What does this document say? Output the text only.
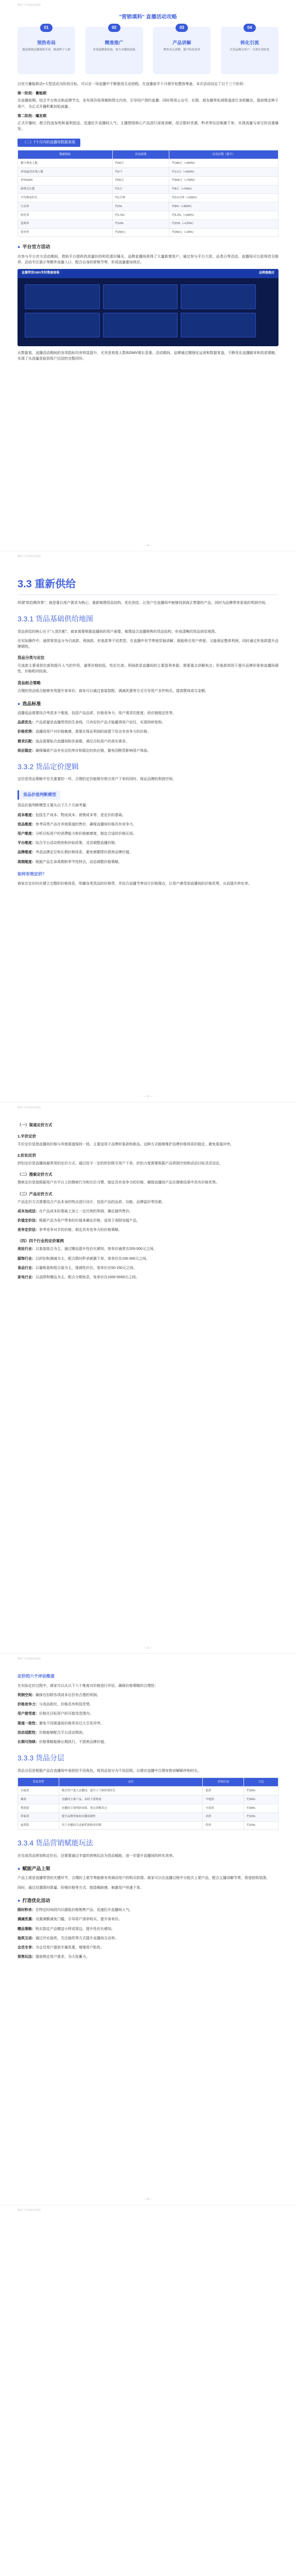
腾讯广告电商运营指南
"营销填料" 直播活动攻略
01
预热布局
提前规划直播预热节奏，储备种子人群
02
精准推广
多渠道精准投放，放大直播间流量
03
产品讲解
聚焦卖点讲解，提升转化效率
04
转化引流
以货品吸引用户，实现长效转化

以官方蓄能联动+大型活动为阶段目标，可以在一场直播中不断推进互动进程。在直播前半个月便开始整体筹备，本次活动设定了以下三个阶段：

第一阶段：蓄能期

在直播前期，结合平台热点和品牌节点，发布预告短视频和图文内容，引导用户预约直播；同时利用公众号、社群、朋友圈等私域渠道进行多轮触达，提前锁定种子用户，为正式开播积累初始流量。

第二阶段：爆发期

正式开播时，配合投流加热和福利放送，迅速拉升直播间人气；主播围绕核心产品进行深度讲解，结合限时优惠、秒杀等玩法刺激下单，实现流量与成交的双重爆发。

（二）7个月内的直播间数据表现
数据指标	活动前期	活动后期（提升）
累计观看人数	约30万	约180万（+500%）
单场最高在线人数	约2千	约1.5万（+650%）
单场GMV	约50万	约400万（+700%）
新增关注数	约1万	约8万（+700%）
平均观看时长	约1分钟	约3.5分钟（+250%）
互动率	约2%	约8%（+300%）
转化率	约1.5%	约4.2%（+180%）
复购率	约10%	约22%（+120%）
客单价	约200元	约260元（+30%）
● 平台官方活动

在参与平台官方活动期间，借助平台提供的流量扶持和资源位曝光，品牌直播间获得了大量新增用户。通过参与平台大促、品类日等活动，直播间可以获得首页推荐、活动专区展示等额外流量入口，配合自身的营销节奏，形成流量叠加效应。

直播带货GMV实时数据看板	品牌旗舰店

从数据看，直播活动期间的各项指标均有明显提升，尤其是观看人数和GMV增长显著。活动期间，品牌通过精细化运营和数据复盘，不断优化直播脚本和投放策略，实现了从流量获取到用户沉淀的完整闭环。

— 11 —
腾讯广告电商运营指南
3.3 重新供给

所谓"供给侧改革"，就是要以用户需求为核心，重新梳理货品结构，优化供给，让用户在直播间中能够找到真正想要的产品，同时为品牌带来更高的利润空间。

3.3.1 货品基础供给地图

货品供给的核心在于"人货匹配"。商家需要根据直播间的用户画像，梳理适合直播销售的货品结构，形成清晰的货品供给地图。

在实际操作中，通常将货品分为引流款、利润款、形象款等不同类型，在直播中有节奏地穿插讲解，既能吸引用户停留，又能保证整体利润，同时通过形象款提升品牌调性。

货品分类与定位

引流款主要承担拉新和提升人气的作用，通常价格较低、性价比高；利润款是直播间的主要盈利来源，需要重点讲解卖点；形象款则用于提升品牌形象和直播间调性，价格相对较高。

货品组合策略

合理的货品组合能够有效提升客单价。商家可以通过套装搭配、满减优惠等方式引导用户多件购买，提高整体成交金额。

● 选品标准

直播选品需要综合考虑多个维度，包括产品品质、价格竞争力、用户需求匹配度、供应链稳定性等。

品质优先：产品质量是直播带货的生命线，只有好的产品才能赢得用户信任，实现持续复购。

价格优势：直播间用户对价格敏感，需要在保证利润的前提下给出有竞争力的价格。

需求匹配：选品需要贴合直播间粉丝画像，满足目标用户的真实需求。

供应稳定：确保爆款产品有充足的库存和稳定的供应链，避免因断货影响用户体验。

3.3.2 货品定价逻辑

定价是货品策略中至关重要的一环，合理的定价能够在吸引用户下单的同时，保证品牌的利润空间。

货品价值判断模型

货品价值判断模型主要从以下几个方面考量：

成本维度：包括生产成本、物流成本、营销成本等，是定价的基础。

竞品维度：参考同类产品在其他渠道的售价，确保直播间价格具有竞争力。

用户维度：分析目标用户的消费能力和价格敏感度，制定合适的价格区间。

平台维度：结合平台活动规则和补贴政策，灵活调整直播价格。

品牌维度：考虑品牌定位和长期价格体系，避免频繁降价损害品牌价值。

周期维度：根据产品生命周期和季节性特点，动态调整价格策略。

如何有效定价？

商家在定价时应建立完整的价格体系，明确各类货品的价格带，并结合直播节奏设计价格锚点，让用户感受到直播间的价格优势，从而提升转化率。

— 12 —
腾讯广告电商运营指南
（一）渠道定价方式
1.平价定价

平价定价是指直播间价格与其他渠道保持一致，主要适用于品牌形象款和新品。这种方式能够维护品牌价格体系的稳定，避免渠道冲突。

2.折扣定价

折扣定价是直播间最常用的定价方式，通过给予一定的折扣吸引用户下单。折扣力度需要根据产品利润空间和活动目标灵活设定。

（二）搜索定价方式

搜索定价是指根据用户在平台上的搜索行为和比价习惯，制定具有竞争力的价格，确保直播间产品在搜索结果中具有价格优势。

（三）产品定价方式

产品定价方式需要结合产品本身的特点进行设计，包括产品的品质、功能、品牌溢价等因素。

成本加成法：在产品成本的基础上加上一定比例的利润，确定最终售价。

价值定价法：根据产品为用户带来的价值来确定价格，适用于高附加值产品。

竞争定价法：参考竞争对手的价格，制定具有竞争力的价格策略。

（四）四个行业的定价案例

美妆行业：以套装组合为主，通过赠品提升性价比感知，客单价通常在200-500元之间。

服饰行业：以折扣和满减为主，配合限时秒杀刺激下单，客单价在100-300元之间。

食品行业：以量贩装和组合装为主，强调性价比，客单价在50-150元之间。

家电行业：以直降和赠品为主，配合分期免息，客单价在1000-5000元之间。

— 13 —
腾讯广告电商运营指南
定价的六个评估维度

在实际定价过程中，商家可以从以下六个维度对价格进行评估，确保价格策略的合理性：

利润空间：确保在扣除各项成本后仍有合理的利润。

价格竞争力：与竞品相比，价格具有明显优势。

用户接受度：价格在目标用户的可接受范围内。

渠道一致性：避免不同渠道间价格差异过大引发冲突。

活动适配性：价格能够配合平台活动规则。

长期可持续：价格策略能够长期执行，不损害品牌价值。

3.3.3 货品分层

货品分层是根据产品在直播间中承担的不同角色，将货品划分为不同层级，以便在直播中合理安排讲解顺序和时长。

货品类型	定位	价格区间	占比
引流款	吸引用户进入直播间，提升人气和停留时长	低价	约20%
爆款	直播间主推产品，承担主要销量	中低价	约30%
利润款	直播间主要利润来源，重点讲解卖点	中高价	约30%
形象款	提升品牌形象和直播间调性	高价	约10%
福利款	用于直播间互动抽奖和粉丝回馈	特价	约10%
3.3.4 货品营销赋能玩法

在完成货品规划和定价后，还需要通过丰富的营销玩法为货品赋能，进一步提升直播间的转化效率。

● 赋能产品上架

产品上架是直播带货的关键环节，合理的上架节奏能够有效调动用户的购买热情。商家可以在直播过程中分批次上架产品，配合主播讲解节奏，营造抢购氛围。

同时，通过设置限时限量、阶梯价格等方式，制造稀缺感，刺激用户快速下单。

● 打造优化活动

限时秒杀：在特定时间段内以超低价格销售产品，迅速拉升直播间人气。

满减优惠：设置满额减免门槛，引导用户凑单购买，提升客单价。

赠品策略：购买指定产品赠送小样或周边，提升性价比感知。

抽奖互动：通过评论抽奖、关注抽奖等方式提升直播间互动率。

会员专享：为会员用户提供专属优惠，增强用户粘性。

预售玩法：提前锁定用户需求，为大促蓄力。

— 14 —
腾讯广告电商运营指南
